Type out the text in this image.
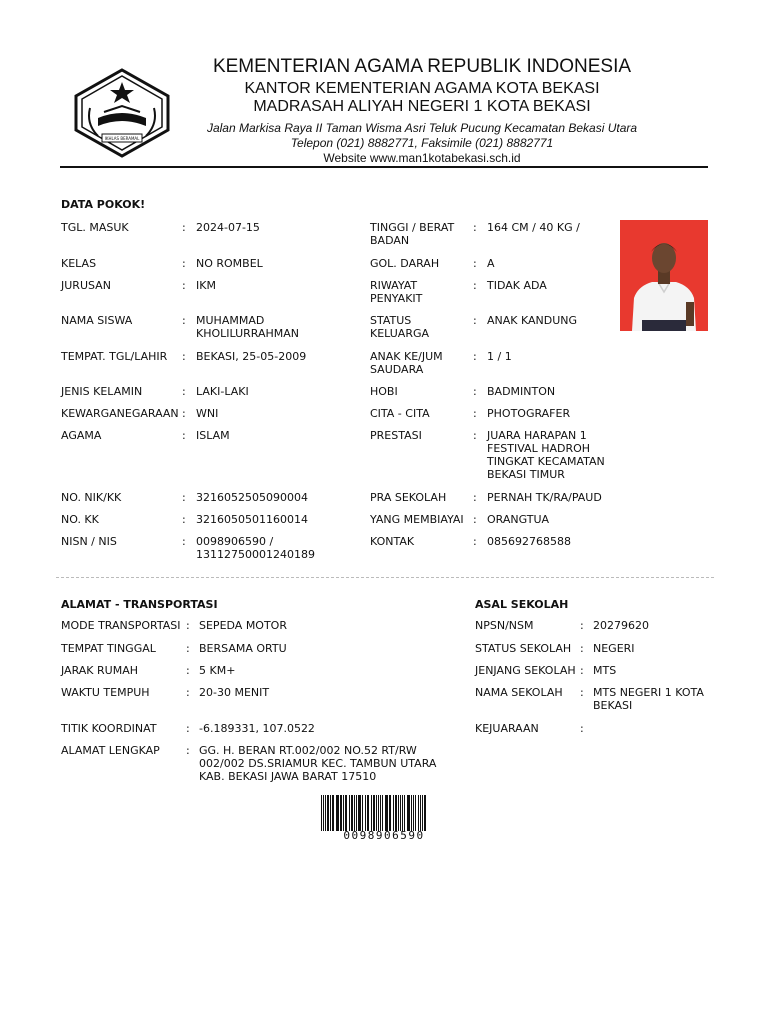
IKHLAS BERAMAL
KEMENTERIAN AGAMA REPUBLIK INDONESIA
KANTOR KEMENTERIAN AGAMA KOTA BEKASI
MADRASAH ALIYAH NEGERI 1 KOTA BEKASI
Jalan Markisa Raya II Taman Wisma Asri Teluk Pucung Kecamatan Bekasi Utara
Telepon (021) 8882771, Faksimile (021) 8882771
Website www.man1kotabekasi.sch.id
DATA POKOK!
TGL. MASUK	: 2024-07-15
KELAS	: NO ROMBEL
JURUSAN	: IKM
NAMA SISWA	: MUHAMMAD
KHOLILURRAHMAN
TEMPAT. TGL/LAHIR	: BEKASI, 25-05-2009
JENIS KELAMIN	: LAKI-LAKI
KEWARGANEGARAAN : WNI
AGAMA	: ISLAM
NO. NIK/KK	: 3216052505090004
NO. KK	: 3216050501160014
NISN / NIS	: 0098906590 /
13112750001240189
TINGGI / BERAT
BADAN
: 164 CM / 40 KG /
GOL. DARAH	: A
RIWAYAT
PENYAKIT
: TIDAK ADA
STATUS
KELUARGA
: ANAK KANDUNG
ANAK KE/JUM
SAUDARA
: 1 / 1
HOBI	: BADMINTON
CITA - CITA	: PHOTOGRAFER
PRESTASI	: JUARA HARAPAN 1
FESTIVAL HADROH
TINGKAT KECAMATAN
BEKASI TIMUR
PRA SEKOLAH	: PERNAH TK/RA/PAUD
YANG MEMBIAYAI : ORANGTUA
KONTAK	: 085692768588
ALAMAT - TRANSPORTASI
MODE TRANSPORTASI : SEPEDA MOTOR
TEMPAT TINGGAL	: BERSAMA ORTU
JARAK RUMAH	: 5 KM+
WAKTU TEMPUH	: 20-30 MENIT
TITIK KOORDINAT	: -6.189331, 107.0522
ALAMAT LENGKAP	: GG. H. BERAN RT.002/002 NO.52 RT/RW
002/002 DS.SRIAMUR KEC. TAMBUN UTARA
KAB. BEKASI JAWA BARAT 17510
ASAL SEKOLAH
NPSN/NSM	: 20279620
STATUS SEKOLAH : NEGERI
JENJANG SEKOLAH : MTS
NAMA SEKOLAH	: MTS NEGERI 1 KOTA
BEKASI
KEJUARAAN	:
0098906590
